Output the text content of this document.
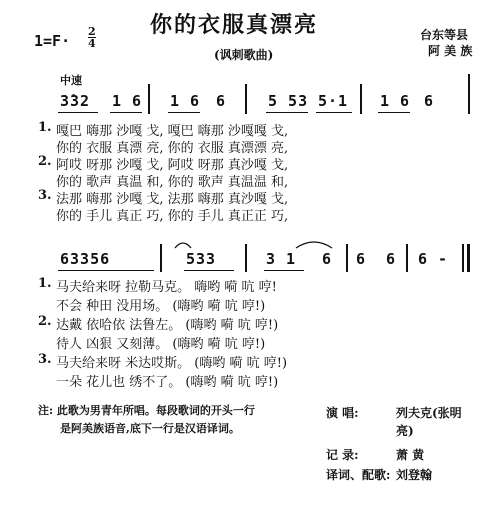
你的衣服真漂亮
$1=F\cdot \frac{2}{4}$	台东等县
阿 美 族
(讽刺歌曲)
中速
3̇32 1 6 1 6 6	5 53 5·1 1 6 6
1. 嘎巴 嗨那 沙嘎 戈, 嘎巴 嗨那 沙嘎嘎 戈,
你的 衣服 真漂 亮, 你的 衣服 真漂漂 亮,
2. 阿哎 呀那 沙嘎 戈, 阿哎 呀那 真沙嘎 戈,
你的 歌声 真温 和, 你的 歌声 真温温 和,
3. 法那 嗨那 沙嘎 戈, 法那 嗨那 真沙嘎 戈,
你的 手儿 真正 巧, 你的 手儿 真正正 巧,
63356	533	3 1 6 6 6 6 -
1. 马夫给来呀 拉勒马克。 嗨哟 嗬 吭 哼!
不会 种田 没用场。 (嗨哟 嗬 吭 哼!)
2. 达戴 依哈依 法鲁左。 (嗨哟 嗬 吭 哼!)
待人 凶狠 又刻薄。 (嗨哟 嗬 吭 哼!)
3. 马夫给来呀 米达哎斯。 (嗨哟 嗬 吭 哼!)
一朵 花儿也 绣不了。 (嗨哟 嗬 吭 哼!)
注: 此歌为男青年所唱。每段歌词的开头一行
是阿美族语音,底下一行是汉语译词。
演 唱:	列夫克(张明
亮)
记 录:	萧 黄
译词、配歌: 刘登翰
